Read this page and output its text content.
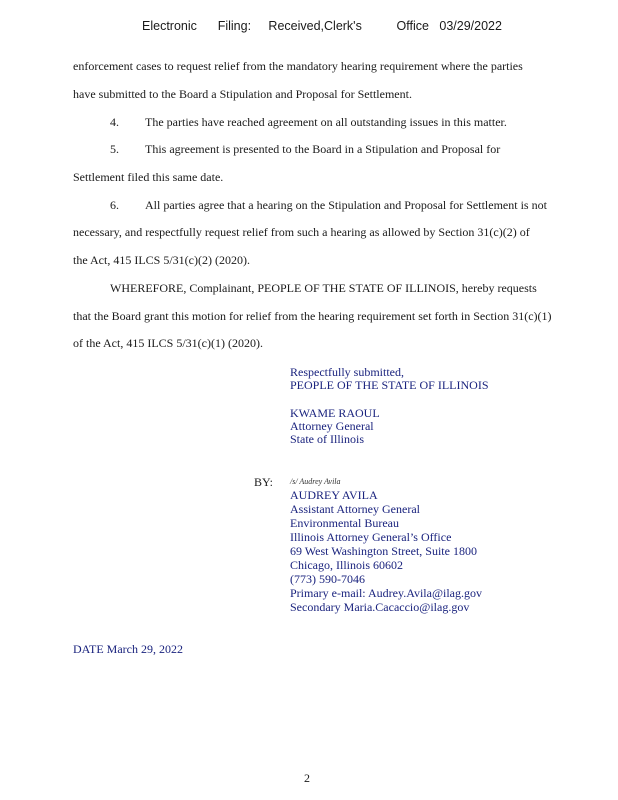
Electronic      Filing:     Received,Clerk's          Office   03/29/2022
enforcement cases to request relief from the mandatory hearing requirement where the parties
have submitted to the Board a Stipulation and Proposal for Settlement.
4. The parties have reached agreement on all outstanding issues in this matter.
5. This agreement is presented to the Board in a Stipulation and Proposal for
Settlement filed this same date.
6. All parties agree that a hearing on the Stipulation and Proposal for Settlement is not
necessary, and respectfully request relief from such a hearing as allowed by Section 31(c)(2) of
the Act, 415 ILCS 5/31(c)(2) (2020).
WHEREFORE, Complainant, PEOPLE OF THE STATE OF ILLINOIS, hereby requests
that the Board grant this motion for relief from the hearing requirement set forth in Section 31(c)(1)
of the Act, 415 ILCS 5/31(c)(1) (2020).
Respectfully submitted,
PEOPLE OF THE STATE OF ILLINOIS
KWAME RAOUL
Attorney General
State of Illinois
BY: /s/ Audrey Avila
AUDREY AVILA
Assistant Attorney General
Environmental Bureau
Illinois Attorney General’s Office
69 West Washington Street, Suite 1800
Chicago, Illinois 60602
(773) 590-7046
Primary e-mail: Audrey.Avila@ilag.gov
Secondary Maria.Cacaccio@ilag.gov
DATE March 29, 2022
2
